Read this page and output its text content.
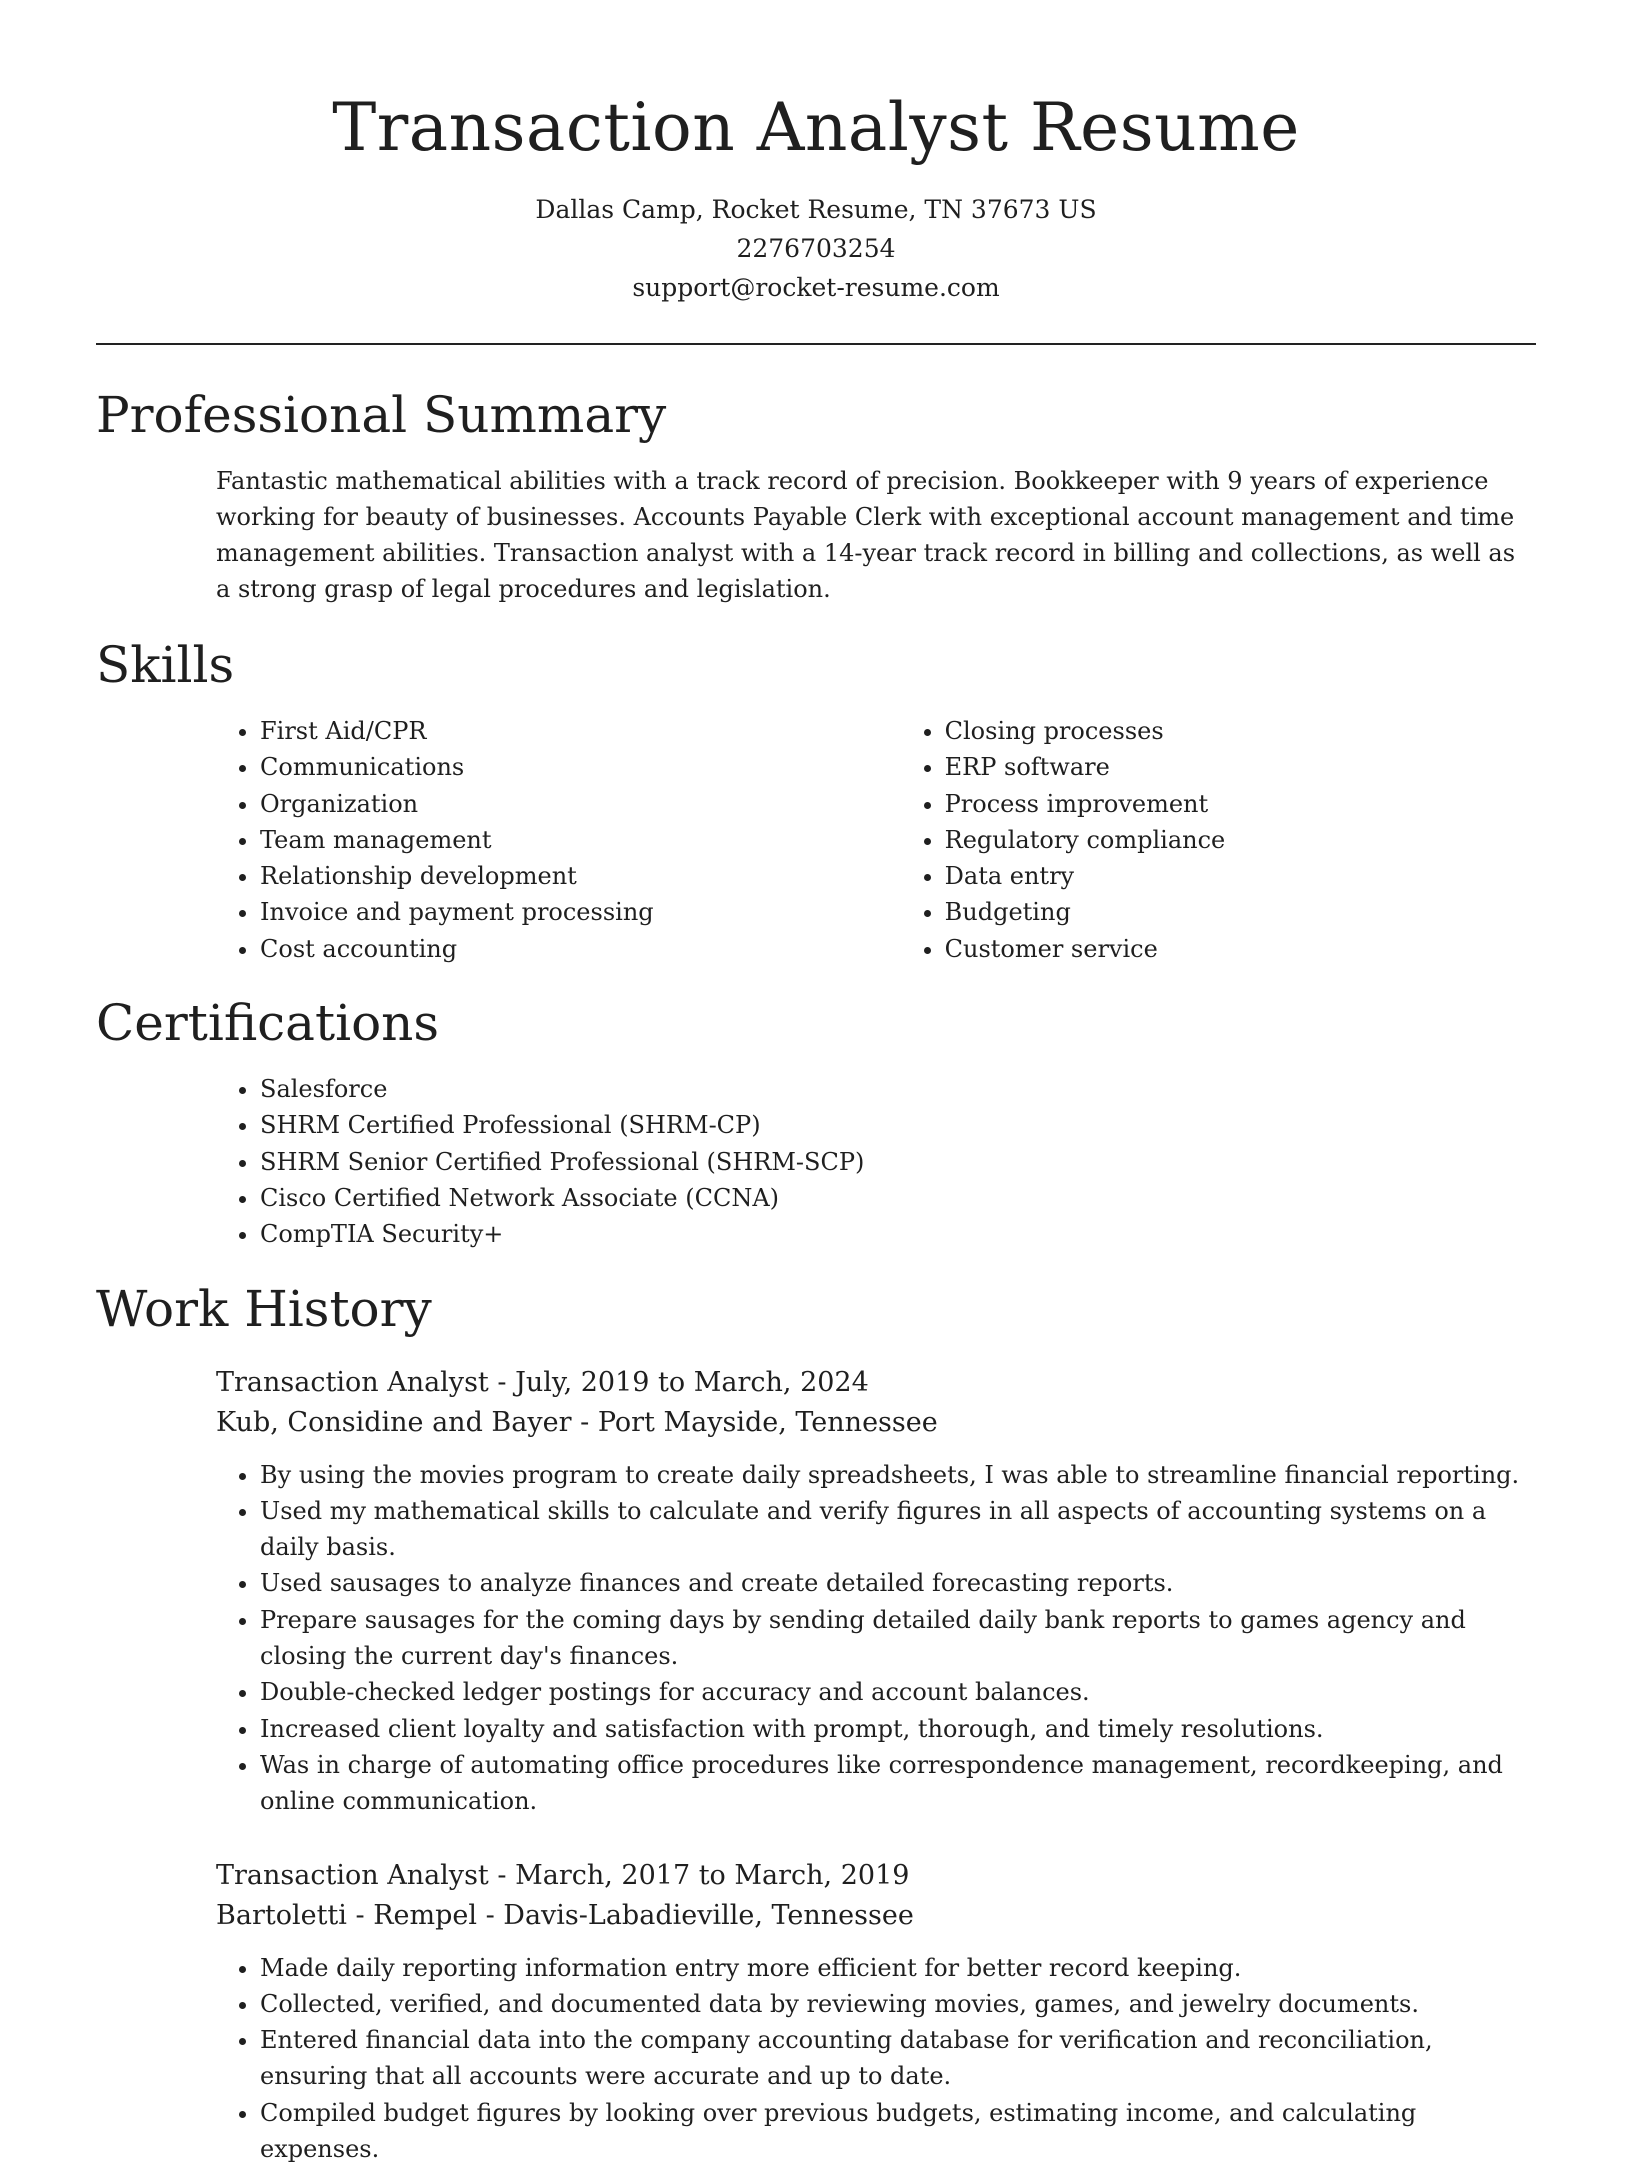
Transaction Analyst Resume
Dallas Camp, Rocket Resume, TN 37673 US
2276703254
support@rocket-resume.com
Professional Summary

Fantastic mathematical abilities with a track record of precision. Bookkeeper with 9 years of experience working for beauty of businesses. Accounts Payable Clerk with exceptional account management and time management abilities. Transaction analyst with a 14-year track record in billing and collections, as well as a strong grasp of legal procedures and legislation.

Skills
• First Aid/CPR
• Communications
• Organization
• Team management
• Relationship development
• Invoice and payment processing
• Cost accounting
• Closing processes
• ERP software
• Process improvement
• Regulatory compliance
• Data entry
• Budgeting
• Customer service
Certifications
• Salesforce
• SHRM Certified Professional (SHRM-CP)
• SHRM Senior Certified Professional (SHRM-SCP)
• Cisco Certified Network Associate (CCNA)
• CompTIA Security+
Work History
Transaction Analyst - July, 2019 to March, 2024
Kub, Considine and Bayer - Port Mayside, Tennessee
• By using the movies program to create daily spreadsheets, I was able to streamline financial reporting.
• Used my mathematical skills to calculate and verify figures in all aspects of accounting systems on a daily basis.
• Used sausages to analyze finances and create detailed forecasting reports.
• Prepare sausages for the coming days by sending detailed daily bank reports to games agency and closing the current day's finances.
• Double-checked ledger postings for accuracy and account balances.
• Increased client loyalty and satisfaction with prompt, thorough, and timely resolutions.
• Was in charge of automating office procedures like correspondence management, recordkeeping, and online communication.
Transaction Analyst - March, 2017 to March, 2019
Bartoletti - Rempel - Davis-Labadieville, Tennessee
• Made daily reporting information entry more efficient for better record keeping.
• Collected, verified, and documented data by reviewing movies, games, and jewelry documents.
• Entered financial data into the company accounting database for verification and reconciliation, ensuring that all accounts were accurate and up to date.
• Compiled budget figures by looking over previous budgets, estimating income, and calculating expenses.
